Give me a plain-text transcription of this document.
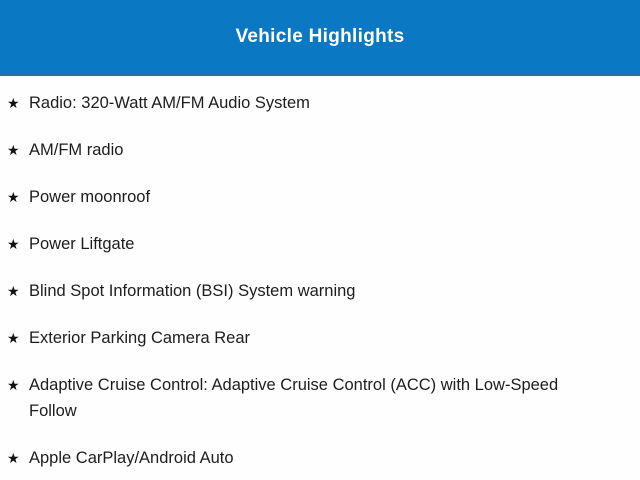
Vehicle Highlights
★ Radio: 320-Watt AM/FM Audio System
★ AM/FM radio
★ Power moonroof
★ Power Liftgate
★ Blind Spot Information (BSI) System warning
★ Exterior Parking Camera Rear
★ Adaptive Cruise Control: Adaptive Cruise Control (ACC) with Low-Speed Follow
★ Apple CarPlay/Android Auto
